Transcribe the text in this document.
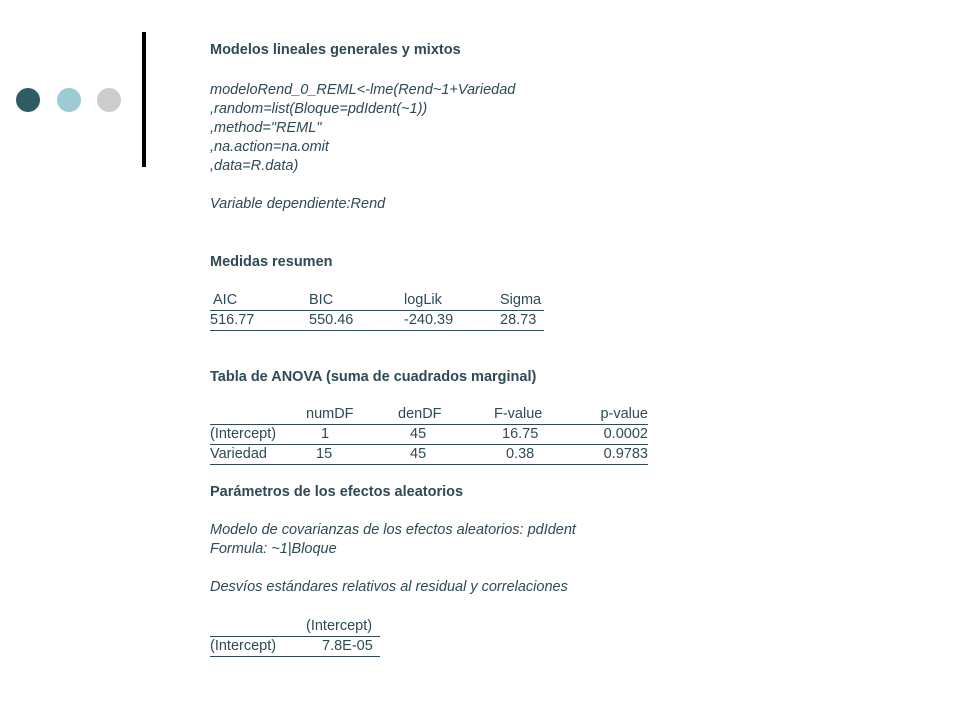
Modelos lineales generales y mixtos
modeloRend_0_REML<-lme(Rend~1+Variedad
,random=list(Bloque=pdIdent(~1))
,method="REML"
,na.action=na.omit
,data=R.data)
Variable dependiente:Rend
Medidas resumen
AIC	BIC	logLik	Sigma
516.77	550.46	-240.39	28.73
Tabla de ANOVA (suma de cuadrados marginal)
	numDF	denDF	F-value	p-value
(Intercept)	1	45	16.75	0.0002
Variedad	15	45	0.38	0.9783
Parámetros de los efectos aleatorios
Modelo de covarianzas de los efectos aleatorios: pdIdent
Formula: ~1|Bloque
Desvíos estándares relativos al residual y correlaciones
	(Intercept)
(Intercept)	7.8E-05
